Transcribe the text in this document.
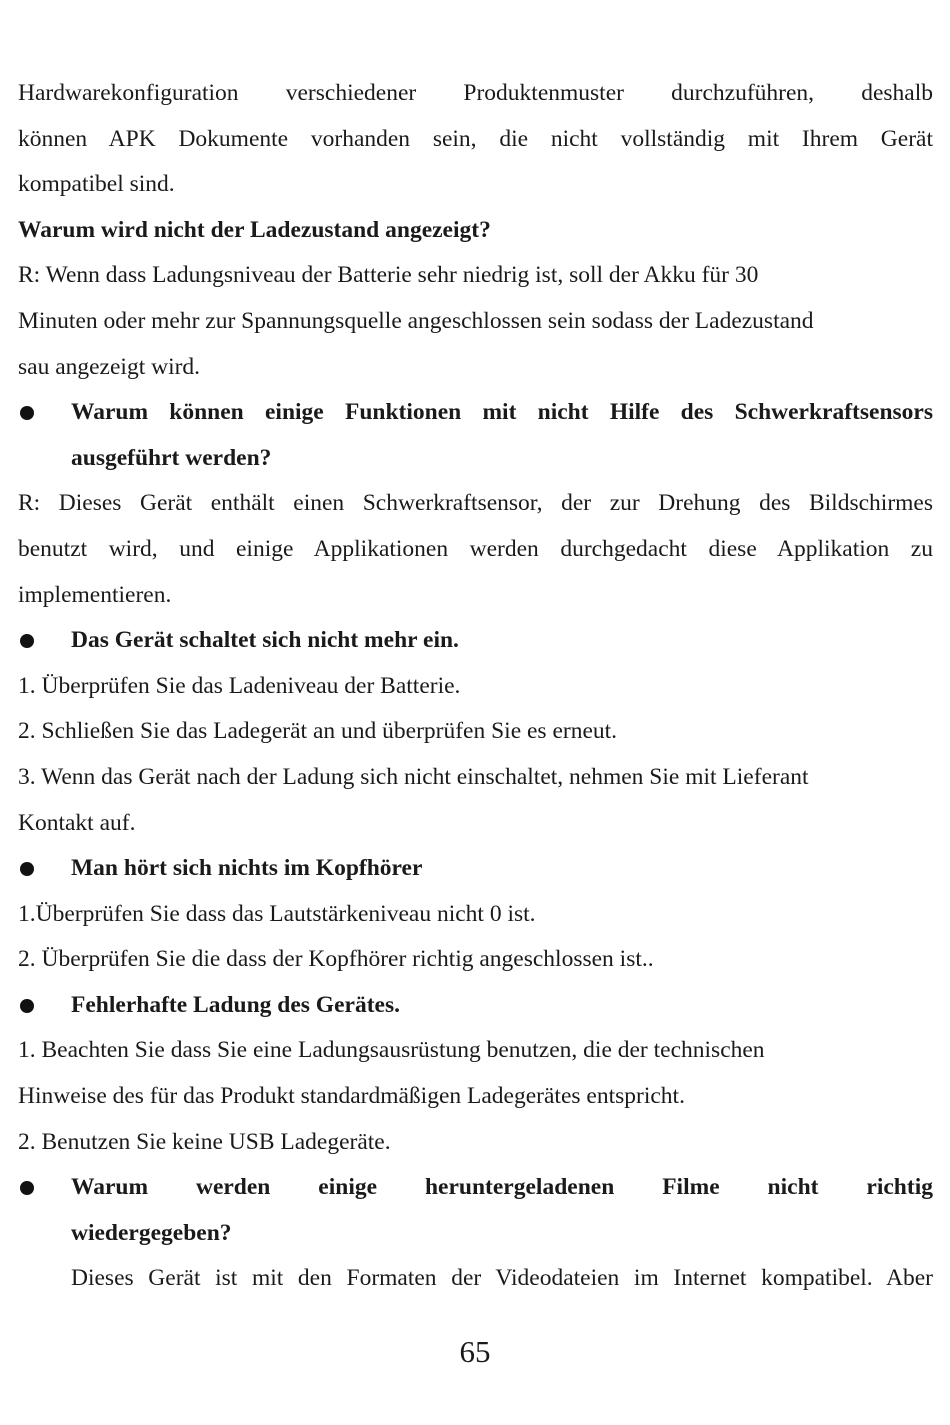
Hardwarekonfiguration verschiedener Produktenmuster durchzuführen, deshalb
können APK Dokumente vorhanden sein, die nicht vollständig mit Ihrem Gerät
kompatibel sind.
Warum wird nicht der Ladezustand angezeigt?
R: Wenn dass Ladungsniveau der Batterie sehr niedrig ist, soll der Akku für 30
Minuten oder mehr zur Spannungsquelle angeschlossen sein sodass der Ladezustand
sau angezeigt wird.
Warum können einige Funktionen mit nicht Hilfe des Schwerkraftsensors
ausgeführt werden?
R: Dieses Gerät enthält einen Schwerkraftsensor, der zur Drehung des Bildschirmes
benutzt wird, und einige Applikationen werden durchgedacht diese Applikation zu
implementieren.
Das Gerät schaltet sich nicht mehr ein.
1. Überprüfen Sie das Ladeniveau der Batterie.
2. Schließen Sie das Ladegerät an und überprüfen Sie es erneut.
3. Wenn das Gerät nach der Ladung sich nicht einschaltet, nehmen Sie mit Lieferant
Kontakt auf.
Man hört sich nichts im Kopfhörer
1.Überprüfen Sie dass das Lautstärkeniveau nicht 0 ist.
2. Überprüfen Sie die dass der Kopfhörer richtig angeschlossen ist..
Fehlerhafte Ladung des Gerätes.
1. Beachten Sie dass Sie eine Ladungsausrüstung benutzen, die der technischen
Hinweise des für das Produkt standardmäßigen Ladegerätes entspricht.
2. Benutzen Sie keine USB Ladegeräte.
Warum werden einige heruntergeladenen Filme nicht richtig
wiedergegeben?
Dieses Gerät ist mit den Formaten der Videodateien im Internet kompatibel. Aber
65
